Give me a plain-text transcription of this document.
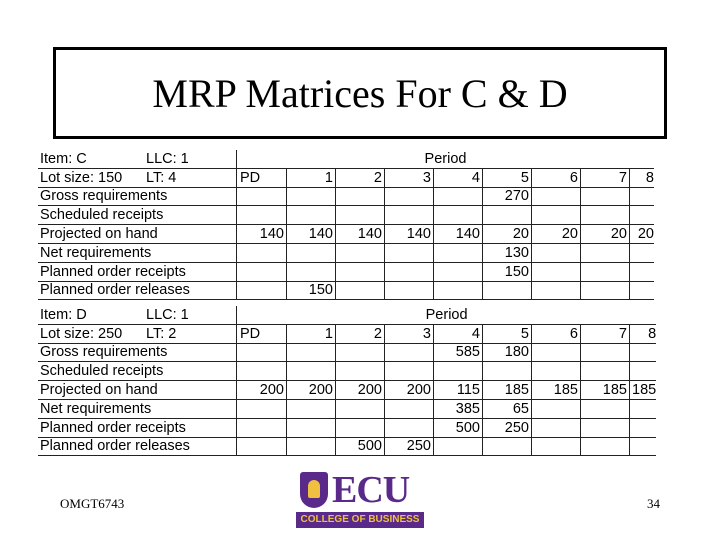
MRP Matrices For C & D
Item: C LLC: 1	Period								
Lot size: 150 LT: 4	PD	1	2	3	4	5	6	7	8
Gross requirements						270			
Scheduled receipts									
Projected on hand	140	140	140	140	140	20	20	20	20
Net requirements						130			
Planned order receipts						150			
Planned order releases		150							
Item: D LLC: 1	Period								
Lot size: 250 LT: 2	PD	1	2	3	4	5	6	7	8
Gross requirements					585	180			
Scheduled receipts									
Projected on hand	200	200	200	200	115	185	185	185	185
Net requirements					385	65			
Planned order receipts					500	250			
Planned order releases			500	250					
ECU
COLLEGE OF BUSINESS
OMGT6743	34
